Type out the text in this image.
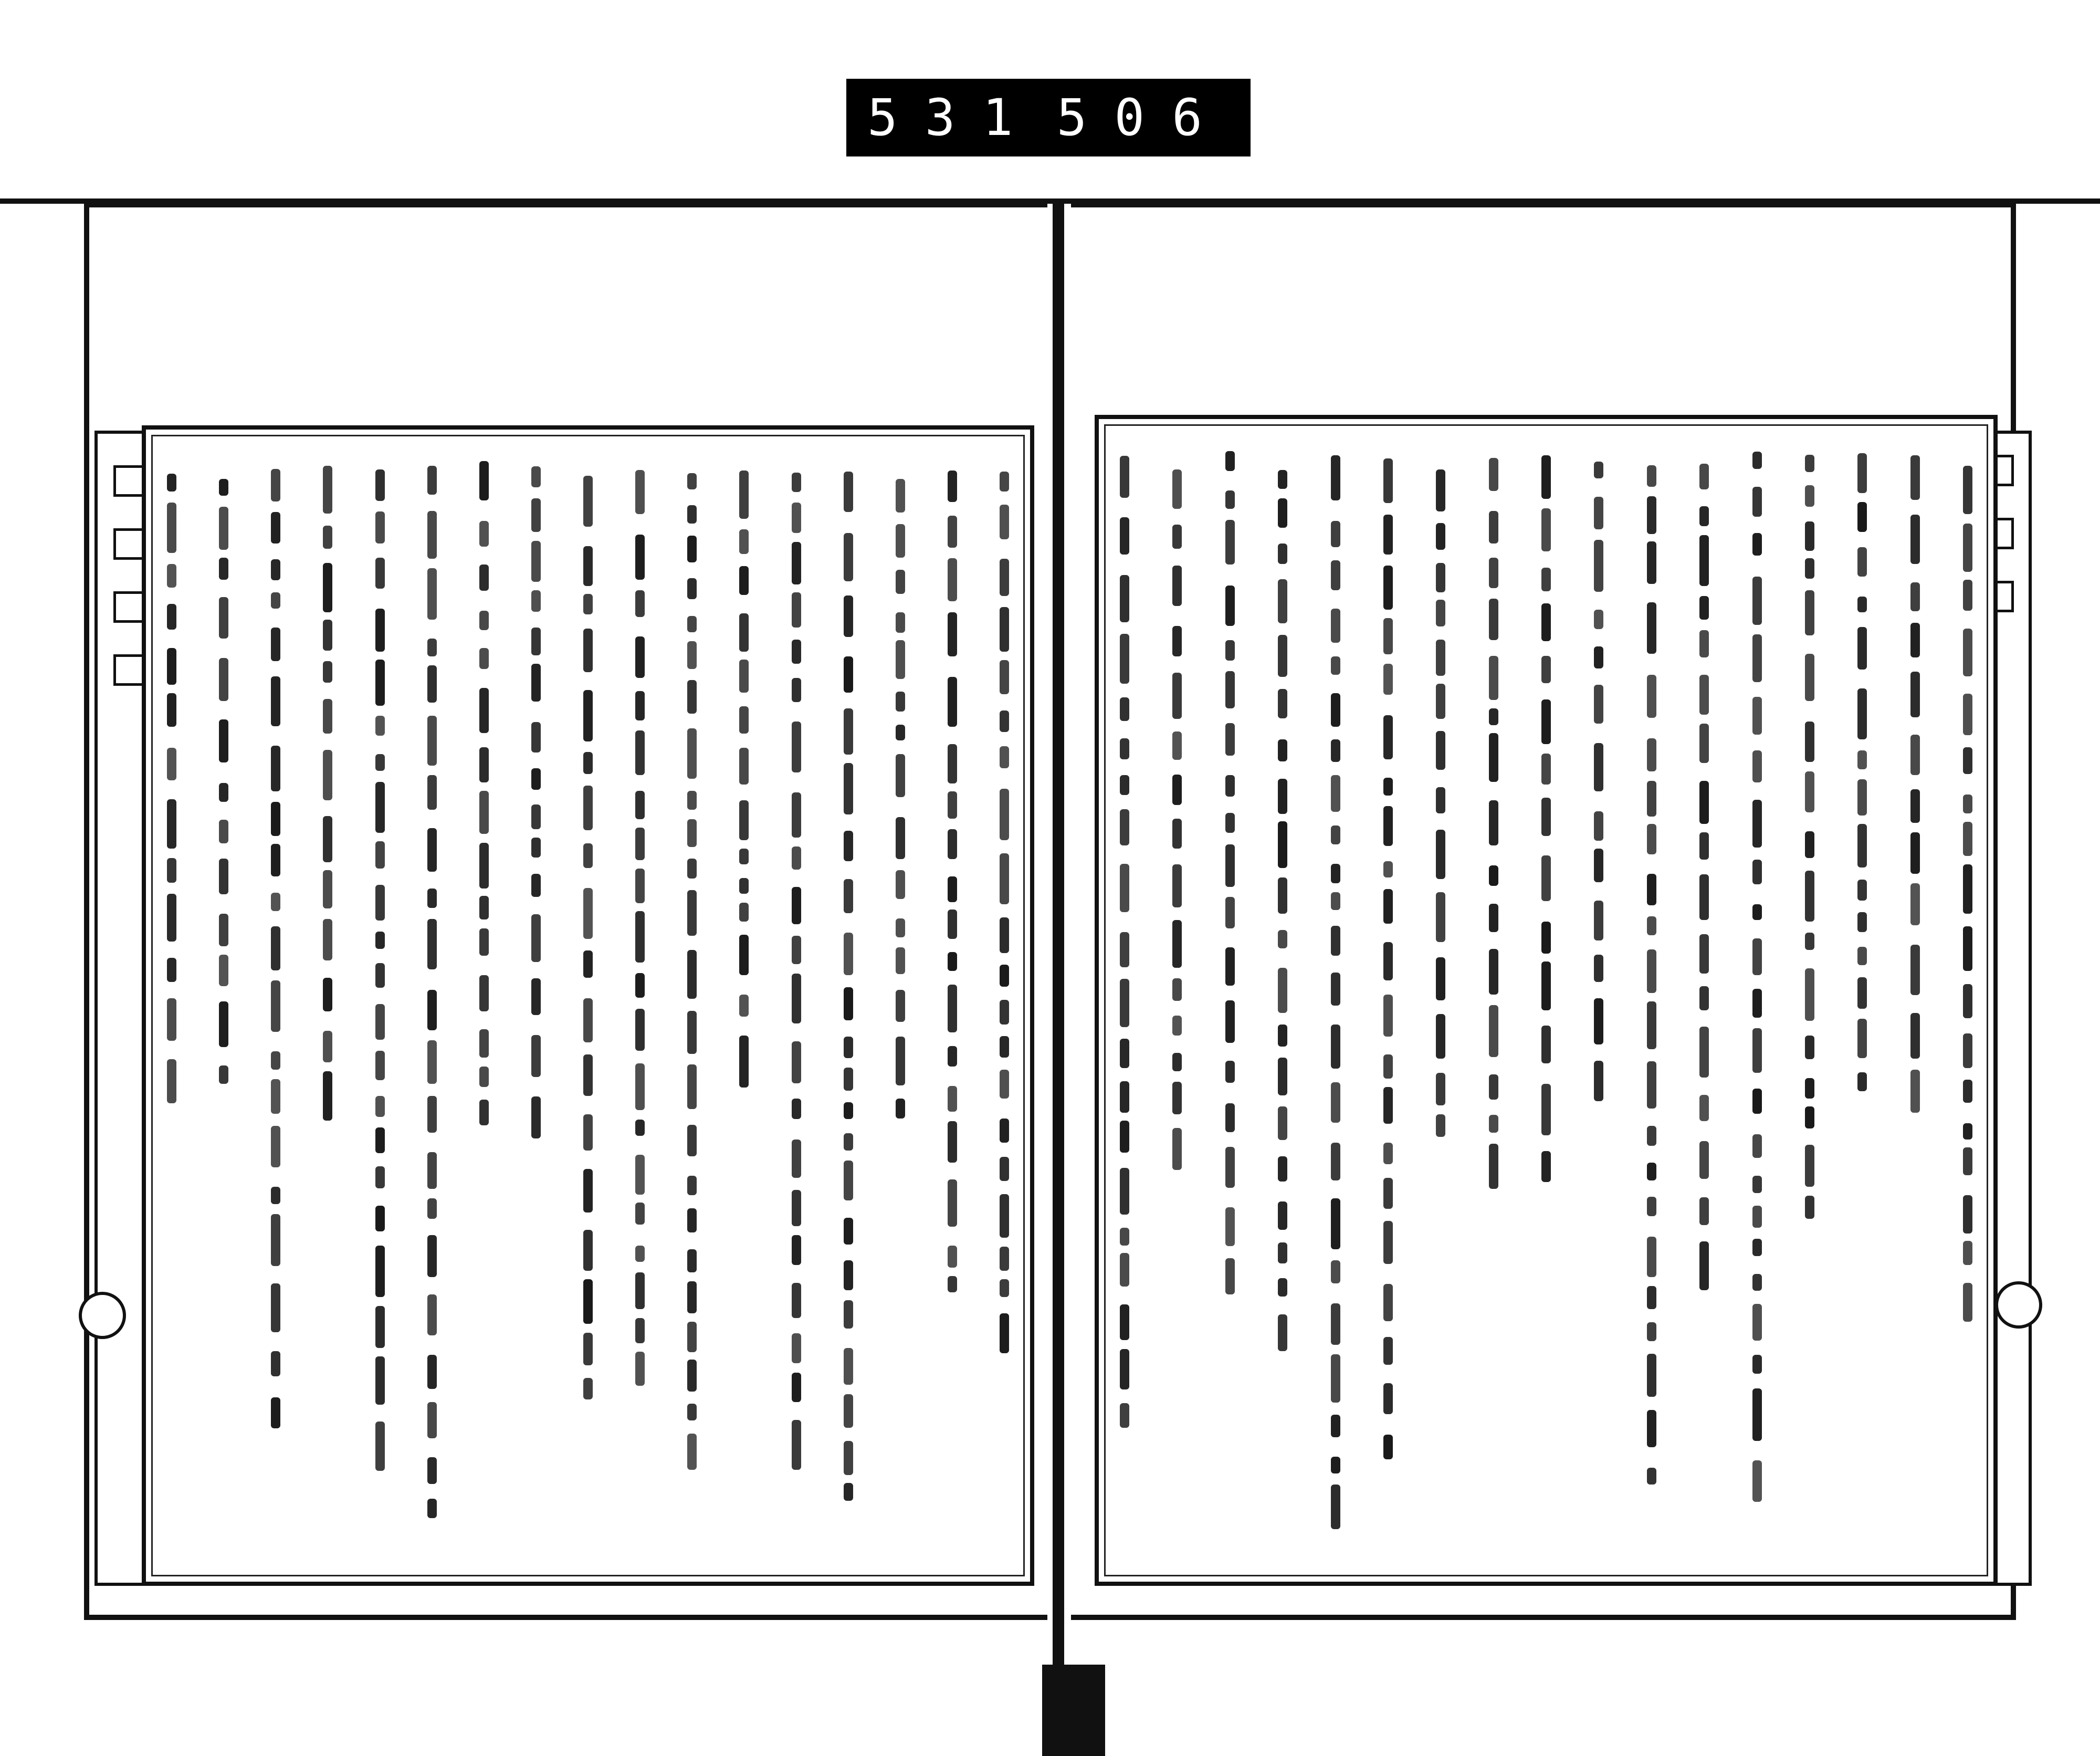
531 506
